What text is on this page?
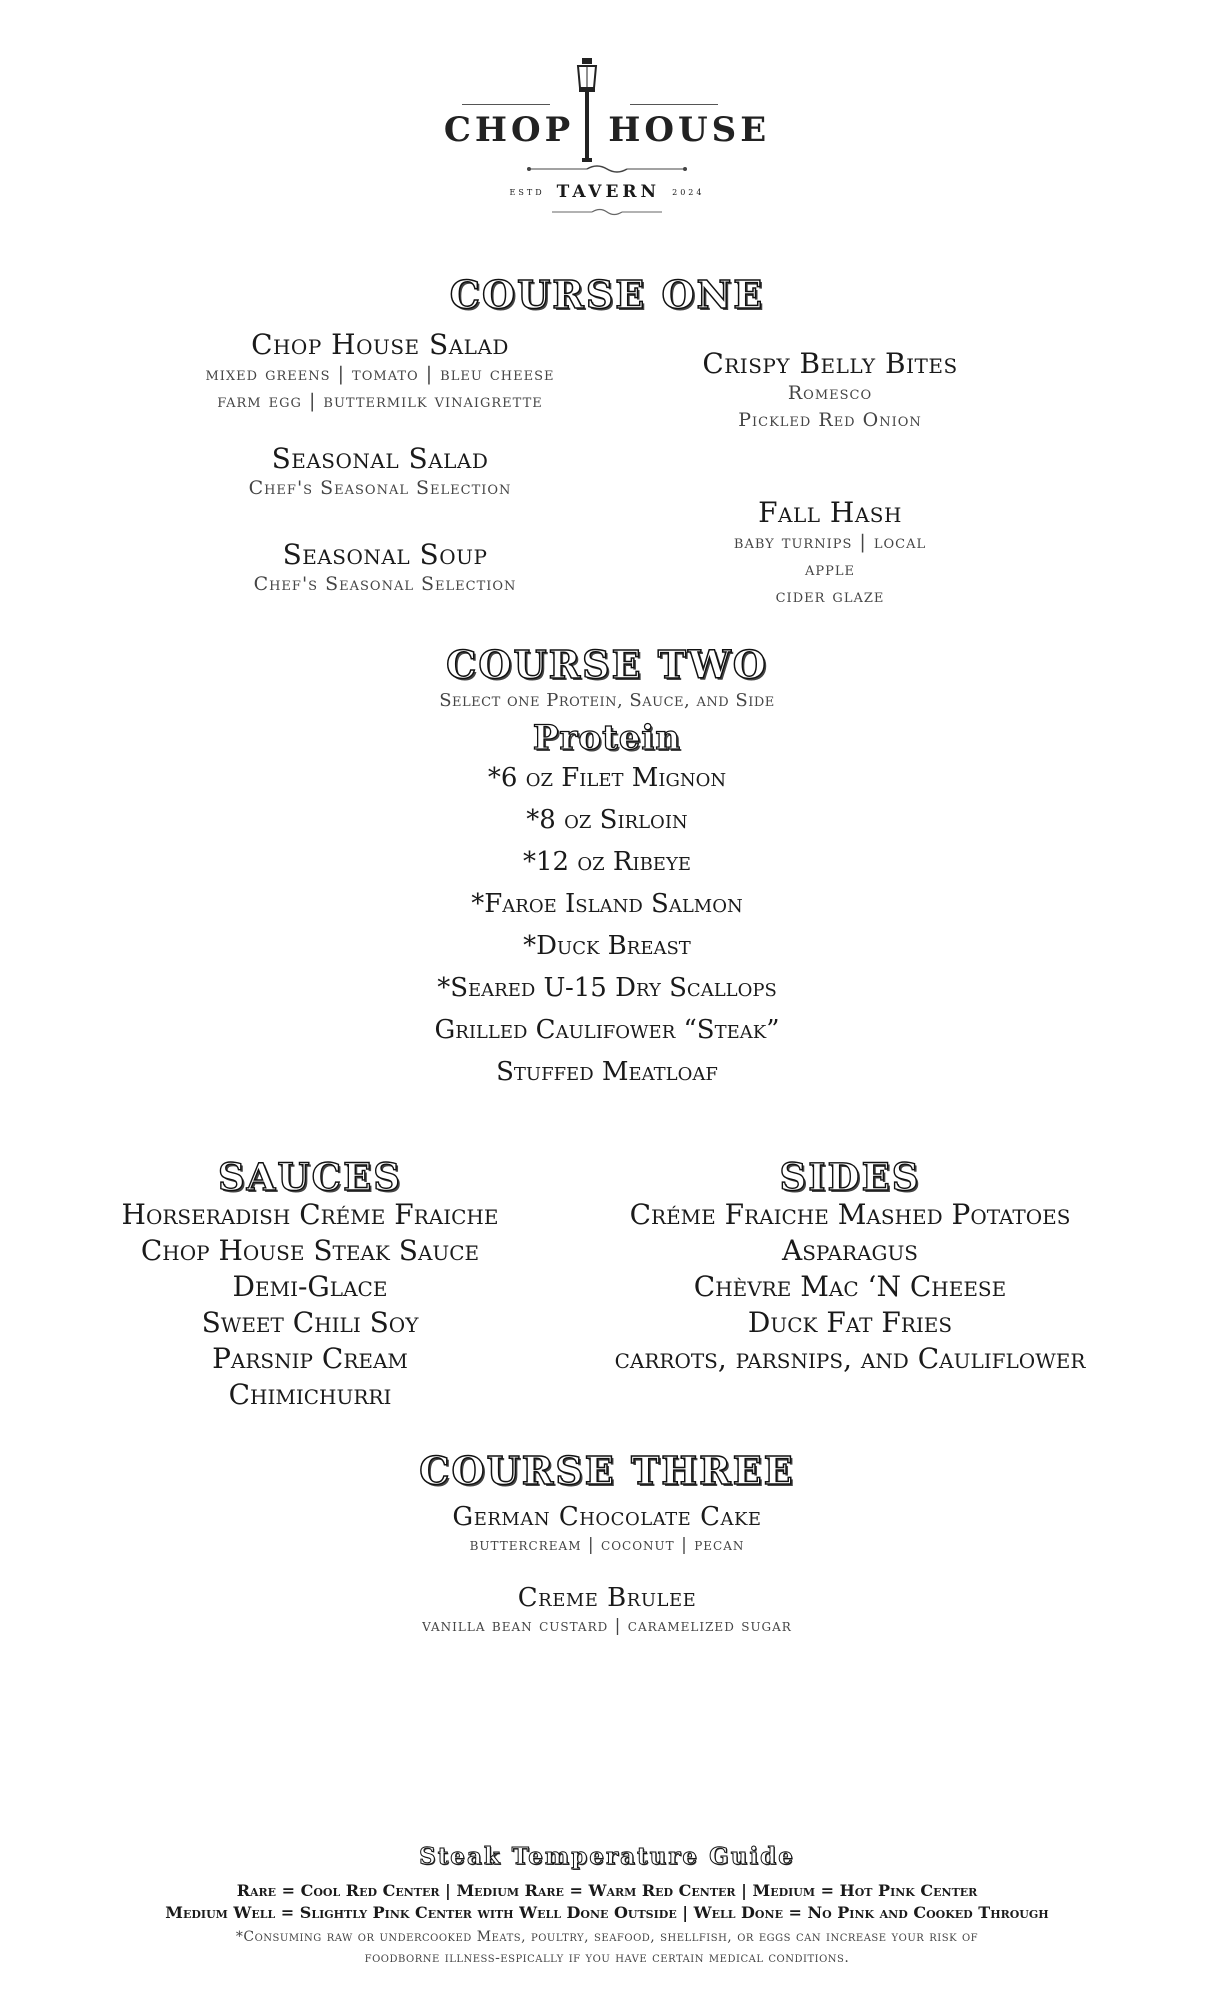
CHOP HOUSE
ESTD TAVERN 2024
COURSE ONE
Chop House Salad
mixed greens | tomato | bleu cheese
farm egg | buttermilk vinaigrette
Seasonal Salad
Chef's Seasonal Selection
Seasonal Soup
Chef's Seasonal Selection
Crispy Belly Bites
Romesco
Pickled Red Onion
Fall Hash
baby turnips | local
apple
cider glaze
COURSE TWO
Select one Protein, Sauce, and Side
Protein
*6 oz Filet Mignon
*8 oz Sirloin
*12 oz Ribeye
*Faroe Island Salmon
*Duck Breast
*Seared U-15 Dry Scallops
Grilled Caulifower “Steak”
Stuffed Meatloaf
SAUCES
Horseradish Créme Fraiche
Chop House Steak Sauce
Demi-Glace
Sweet Chili Soy
Parsnip Cream
Chimichurri
SIDES
Créme Fraiche Mashed Potatoes
Asparagus
Chèvre Mac ‘N Cheese
Duck Fat Fries
carrots, parsnips, and Cauliflower
COURSE THREE
German Chocolate Cake
buttercream | coconut | pecan
Creme Brulee
vanilla bean custard | caramelized sugar
Steak Temperature Guide
Rare = Cool Red Center | Medium Rare = Warm Red Center | Medium = Hot Pink Center
Medium Well = Slightly Pink Center with Well Done Outside | Well Done = No Pink and Cooked Through
*Consuming raw or undercooked Meats, poultry, seafood, shellfish, or eggs can increase your risk of
foodborne illness-espically if you have certain medical conditions.
